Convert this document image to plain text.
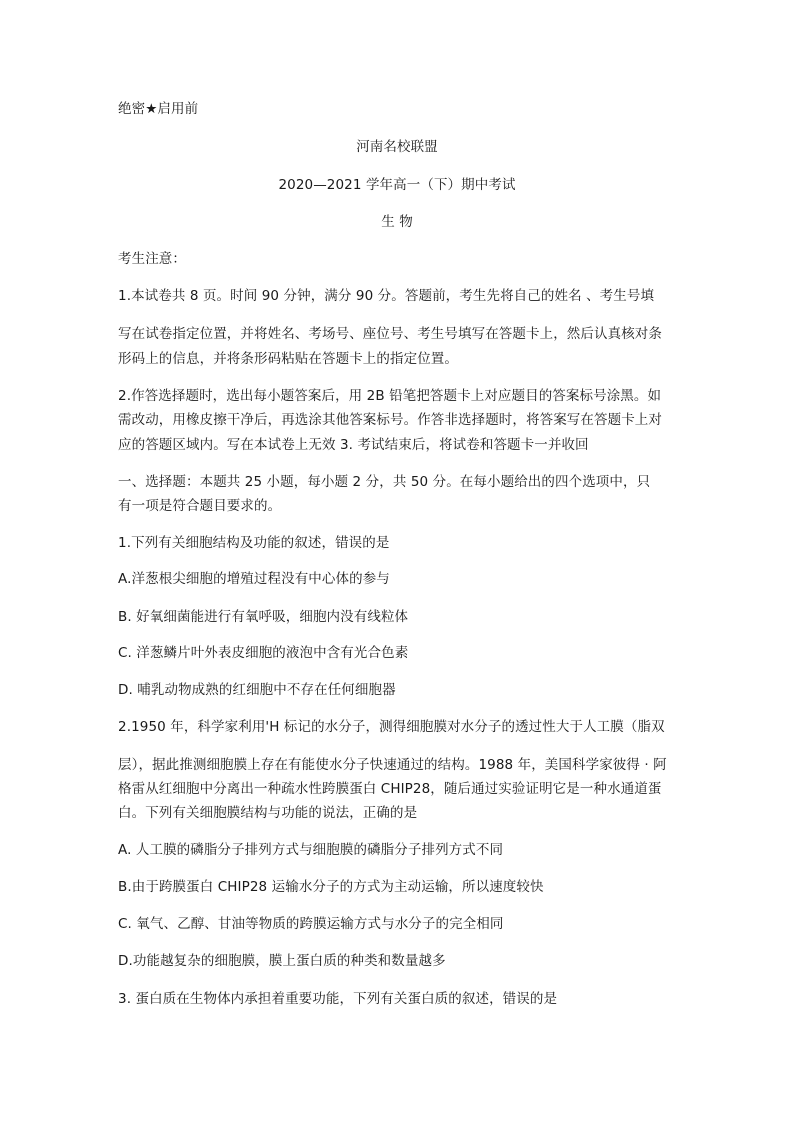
绝密★启用前
河南名校联盟
2020—2021 学年高一（下）期中考试
生 物
考生注意：
1.本试卷共 8 页。时间 90 分钟，满分 90 分。答题前，考生先将自己的姓名 、考生号填
写在试卷指定位置，并将姓名、考场号、座位号、考生号填写在答题卡上，然后认真核对条
形码上的信息，并将条形码粘贴在答题卡上的指定位置。
2.作答选择题时，选出每小题答案后，用 2B 铅笔把答题卡上对应题目的答案标号涂黑。如
需改动，用橡皮擦干净后，再选涂其他答案标号。作答非选择题时，将答案写在答题卡上对
应的答题区域内。写在本试卷上无效 3. 考试结束后，将试卷和答题卡一并收回
一、选择题：本题共 25 小题，每小题 2 分，共 50 分。在每小题给出的四个选项中，只
有一项是符合题目要求的。
1.下列有关细胞结构及功能的叙述，错误的是
A.洋葱根尖细胞的增殖过程没有中心体的参与
B. 好氧细菌能进行有氧呼吸，细胞内没有线粒体
C. 洋葱鳞片叶外表皮细胞的液泡中含有光合色素
D. 哺乳动物成熟的红细胞中不存在任何细胞器
2.1950 年，科学家利用'H 标记的水分子，测得细胞膜对水分子的透过性大于人工膜（脂双
层），据此推测细胞膜上存在有能使水分子快速通过的结构。1988 年，美国科学家彼得 · 阿
格雷从红细胞中分离出一种疏水性跨膜蛋白 CHIP28，随后通过实验证明它是一种水通道蛋
白。下列有关细胞膜结构与功能的说法，正确的是
A. 人工膜的磷脂分子排列方式与细胞膜的磷脂分子排列方式不同
B.由于跨膜蛋白 CHIP28 运输水分子的方式为主动运输，所以速度较快
C. 氧气、乙醇、甘油等物质的跨膜运输方式与水分子的完全相同
D.功能越复杂的细胞膜，膜上蛋白质的种类和数量越多
3. 蛋白质在生物体内承担着重要功能，下列有关蛋白质的叙述，错误的是
